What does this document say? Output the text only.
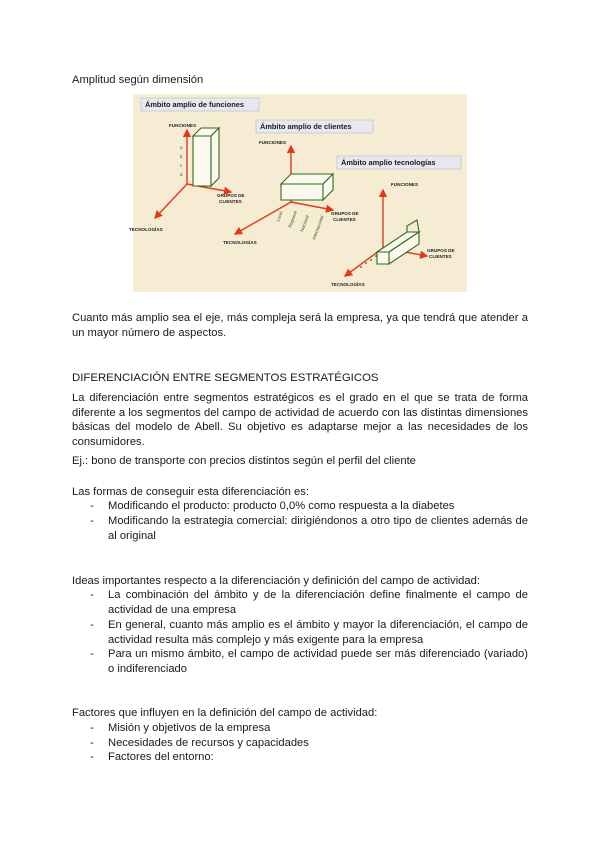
Amplitud según dimensión
Ámbito amplio de funciones
FUNCIONES
GRUPOS DE
CLIENTES
TECNOLOGÍAS
a
b
c
d
Ámbito amplio de clientes
FUNCIONES
GRUPOS DE
CLIENTES
TECNOLOGÍAS
Local Regional Nacional Internacional
Ámbito amplio tecnologías
FUNCIONES
GRUPOS DE
CLIENTES
TECNOLOGÍAS
Cuanto más amplio sea el eje, más compleja será la empresa, ya que tendrá que atender a un mayor número de aspectos.
DIFERENCIACIÓN ENTRE SEGMENTOS ESTRATÉGICOS
La diferenciación entre segmentos estratégicos es el grado en el que se trata de forma diferente a los segmentos del campo de actividad de acuerdo con las distintas dimensiones básicas del modelo de Abell. Su objetivo es adaptarse mejor a las necesidades de los consumidores.
Ej.: bono de transporte con precios distintos según el perfil del cliente
Las formas de conseguir esta diferenciación es:
- Modificando el producto: producto 0,0% como respuesta a la diabetes
- Modificando la estrategia comercial: dirigiéndonos a otro tipo de clientes además de al original
Ideas importantes respecto a la diferenciación y definición del campo de actividad:
- La combinación del ámbito y de la diferenciación define finalmente el campo de actividad de una empresa
- En general, cuanto más amplio es el ámbito y mayor la diferenciación, el campo de actividad resulta más complejo y más exigente para la empresa
- Para un mismo ámbito, el campo de actividad puede ser más diferenciado (variado) o indiferenciado
Factores que influyen en la definición del campo de actividad:
- Misión y objetivos de la empresa
- Necesidades de recursos y capacidades
- Factores del entorno:
